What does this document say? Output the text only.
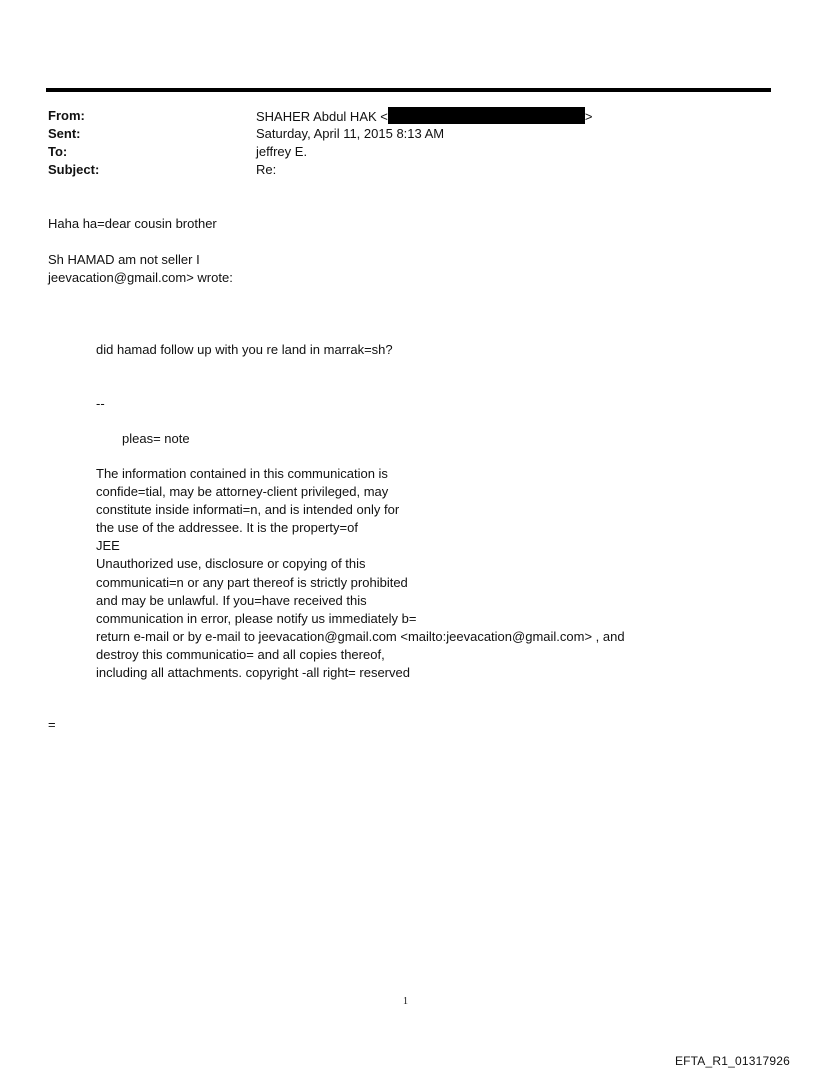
From:	SHAHER Abdul HAK <	>
Sent:	Saturday, April 11, 2015 8:13 AM
To:	jeffrey E.
Subject:	Re:
Haha ha=dear cousin brother
Sh HAMAD am not seller I
jeevacation@gmail.com> wrote:
did hamad follow up with you re land in marrak=sh?
--
pleas= note
The information contained in this communication is
confide=tial, may be attorney-client privileged, may
constitute inside informati=n, and is intended only for
the use of the addressee. It is the property=of
JEE
Unauthorized use, disclosure or copying of this
communicati=n or any part thereof is strictly prohibited
and may be unlawful. If you=have received this
communication in error, please notify us immediately b=
return e-mail or by e-mail to jeevacation@gmail.com <mailto:jeevacation@gmail.com> , and
destroy this communicatio= and all copies thereof,
including all attachments. copyright -all right= reserved
=
1
EFTA_R1_01317926
